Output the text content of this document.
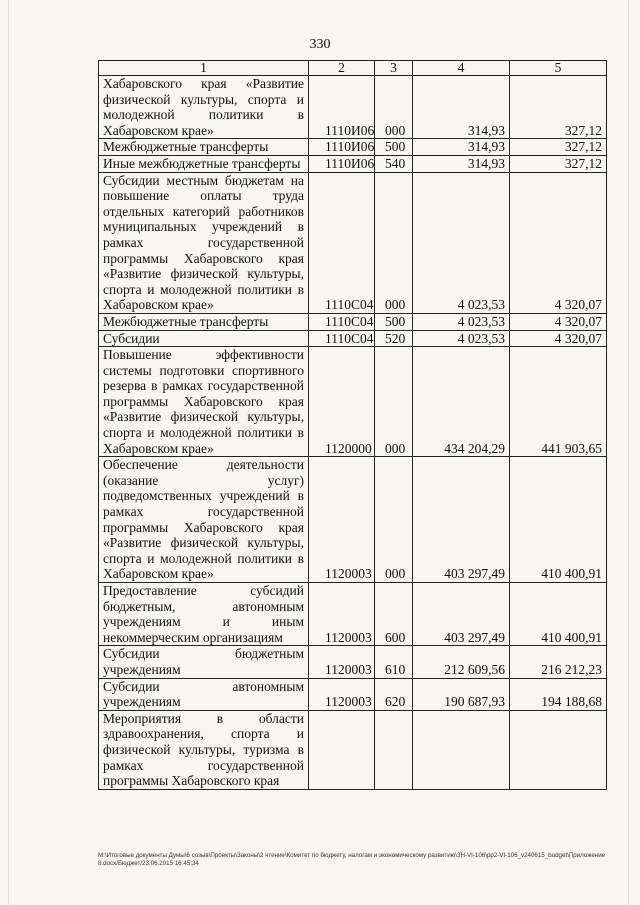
330
1	2	3	4	5
Хабаровского края «Развитие физической культуры, спорта и молодежной политики в Хабаровском крае»	1110И06	000	314,93	327,12
Межбюджетные трансферты	1110И06	500	314,93	327,12
Иные межбюджетные трансферты	1110И06	540	314,93	327,12
Субсидии местным бюджетам на повышение оплаты труда отдельных категорий работников муниципальных учреждений в рамках государственной программы Хабаровского края «Развитие физической культуры, спорта и молодежной политики в Хабаровском крае»	1110С04	000	4 023,53	4 320,07
Межбюджетные трансферты	1110С04	500	4 023,53	4 320,07
Субсидии	1110С04	520	4 023,53	4 320,07
Повышение эффективности системы подготовки спортивного резерва в рамках государственной программы Хабаровского края «Развитие физической культуры, спорта и молодежной политики в Хабаровском крае»	1120000	000	434 204,29	441 903,65
Обеспечение деятельности (оказание услуг) подведомственных учреждений в рамках государственной программы Хабаровского края «Развитие физической культуры, спорта и молодежной политики в Хабаровском крае»	1120003	000	403 297,49	410 400,91
Предоставление субсидий бюджетным, автономным учреждениям и иным некоммерческим организациям	1120003	600	403 297,49	410 400,91
Субсидии бюджетным учреждениям	1120003	610	212 609,56	216 212,23
Субсидии автономным учреждениям	1120003	620	190 687,93	194 188,68
Мероприятия в области здравоохранения, спорта и физической культуры, туризма в рамках государственной программы Хабаровского края				
M:\Итоговые документы Думы\6 созыв\Проекты\Законы\2 чтение\Комитет по бюджету, налогам и экономическому развитию\3Н-VI-106\pp2-VI-106_v240615_budget\Приложение8.docx/Бюджет/23.06.2015 16:45:34
